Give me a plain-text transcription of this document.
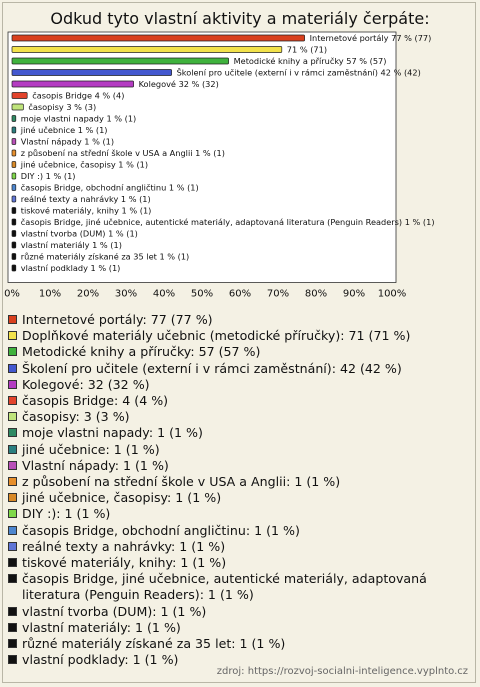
Odkud tyto vlastní aktivity a materiály čerpáte:
Internetové portály 77 % (77)
71 % (71)
Metodické knihy a příručky 57 % (57)
Školení pro učitele (externí i v rámci zaměstnání) 42 % (42)
Kolegové 32 % (32)
časopis Bridge 4 % (4)
časopisy 3 % (3)
moje vlastni napady 1 % (1)
jiné učebnice 1 % (1)
Vlastní nápady 1 % (1)
z působení na střední škole v USA a Anglii 1 % (1)
jiné učebnice, časopisy 1 % (1)
DIY :) 1 % (1)
časopis Bridge, obchodní angličtinu 1 % (1)
reálné texty a nahrávky 1 % (1)
tiskové materiály, knihy 1 % (1)
časopis Bridge, jiné učebnice, autentické materiály, adaptovaná literatura (Penguin Readers) 1 % (1)
vlastní tvorba (DUM) 1 % (1)
vlastní materiály 1 % (1)
různé materiály získané za 35 let 1 % (1)
vlastní podklady 1 % (1)
0% 10% 20% 30% 40% 50% 60% 70% 80% 90% 100%
Internetové portály: 77 (77 %)
Doplňkové materiály učebnic (metodické příručky): 71 (71 %)
Metodické knihy a příručky: 57 (57 %)
Školení pro učitele (externí i v rámci zaměstnání): 42 (42 %)
Kolegové: 32 (32 %)
časopis Bridge: 4 (4 %)
časopisy: 3 (3 %)
moje vlastni napady: 1 (1 %)
jiné učebnice: 1 (1 %)
Vlastní nápady: 1 (1 %)
z působení na střední škole v USA a Anglii: 1 (1 %)
jiné učebnice, časopisy: 1 (1 %)
DIY :): 1 (1 %)
časopis Bridge, obchodní angličtinu: 1 (1 %)
reálné texty a nahrávky: 1 (1 %)
tiskové materiály, knihy: 1 (1 %)
časopis Bridge, jiné učebnice, autentické materiály, adaptovaná literatura (Penguin Readers): 1 (1 %)
vlastní tvorba (DUM): 1 (1 %)
vlastní materiály: 1 (1 %)
různé materiály získané za 35 let: 1 (1 %)
vlastní podklady: 1 (1 %)
zdroj: https://rozvoj-socialni-inteligence.vyplnto.cz
